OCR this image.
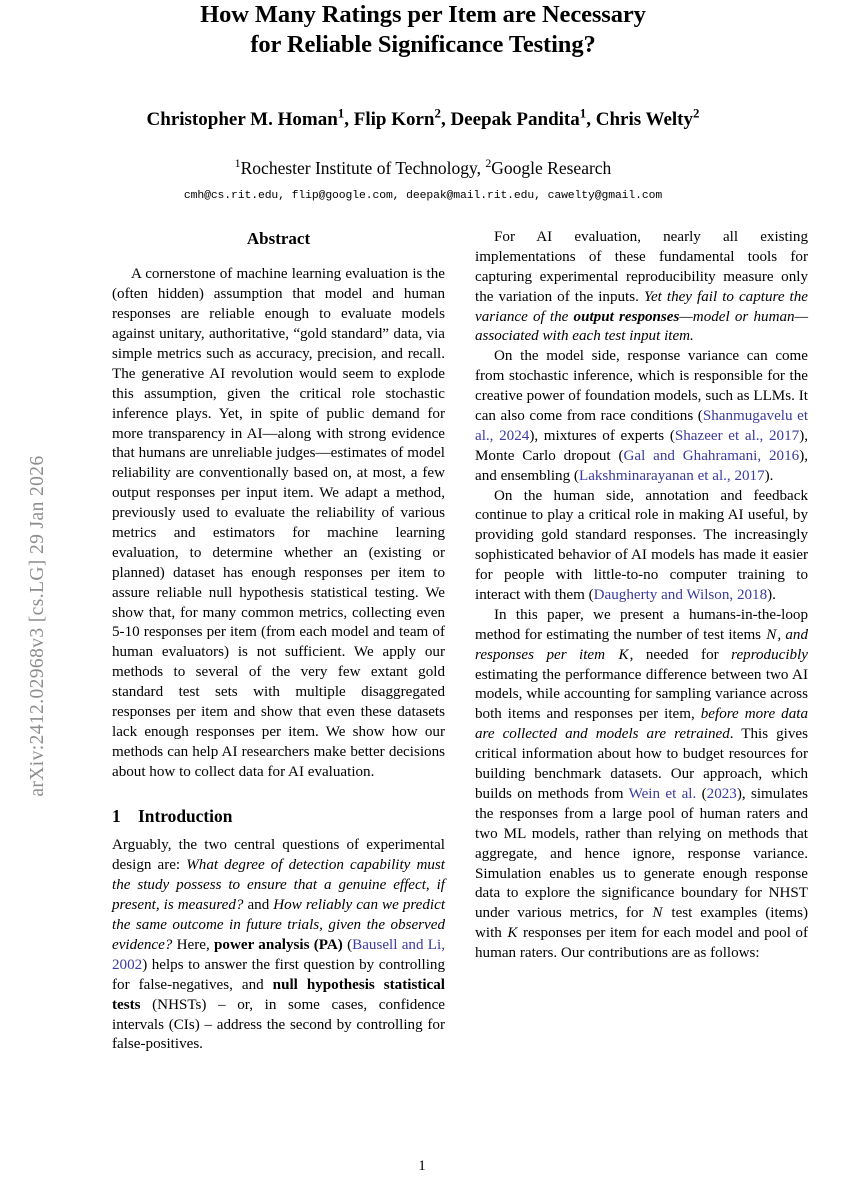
arXiv:2412.02968v3 [cs.LG] 29 Jan 2026
How Many Ratings per Item are Necessary
for Reliable Significance Testing?
Christopher M. Homan$^1$, Flip Korn$^2$, Deepak Pandita$^1$, Chris Welty$^2$
$^1$Rochester Institute of Technology, $^2$Google Research
cmh@cs.rit.edu, flip@google.com, deepak@mail.rit.edu, cawelty@gmail.com
Abstract

A cornerstone of machine learning evaluation is the (often hidden) assumption that model and human responses are reliable enough to evaluate models against unitary, authoritative, “gold standard” data, via simple metrics such as accuracy, precision, and recall. The generative AI revolution would seem to explode this assumption, given the critical role stochastic inference plays. Yet, in spite of public demand for more transparency in AI—along with strong evidence that humans are unreliable judges—estimates of model reliability are conventionally based on, at most, a few output responses per input item. We adapt a method, previously used to evaluate the reliability of various metrics and estimators for machine learning evaluation, to determine whether an (existing or planned) dataset has enough responses per item to assure reliable null hypothesis statistical testing. We show that, for many common metrics, collecting even 5-10 responses per item (from each model and team of human evaluators) is not sufficient. We apply our methods to several of the very few extant gold standard test sets with multiple disaggregated responses per item and show that even these datasets lack enough responses per item. We show how our methods can help AI researchers make better decisions about how to collect data for AI evaluation.

1 Introduction

Arguably, the two central questions of experimental design are: What degree of detection capability must the study possess to ensure that a genuine effect, if present, is measured? and How reliably can we predict the same outcome in future trials, given the observed evidence? Here, power analysis (PA) (Bausell and Li, 2002) helps to answer the first question by controlling for false-negatives, and null hypothesis statistical tests (NHSTs) – or, in some cases, confidence intervals (CIs) – address the second by controlling for false-positives.

For AI evaluation, nearly all existing implementations of these fundamental tools for capturing experimental reproducibility measure only the variation of the inputs. Yet they fail to capture the variance of the output responses—model or human—associated with each test input item.

On the model side, response variance can come from stochastic inference, which is responsible for the creative power of foundation models, such as LLMs. It can also come from race conditions (Shanmugavelu et al., 2024), mixtures of experts (Shazeer et al., 2017), Monte Carlo dropout (Gal and Ghahramani, 2016), and ensembling (Lakshminarayanan et al., 2017).

On the human side, annotation and feedback continue to play a critical role in making AI useful, by providing gold standard responses. The increasingly sophisticated behavior of AI models has made it easier for people with little-to-no computer training to interact with them (Daugherty and Wilson, 2018).

In this paper, we present a humans-in-the-loop method for estimating the number of test items N, and responses per item K, needed for reproducibly estimating the performance difference between two AI models, while accounting for sampling variance across both items and responses per item, before more data are collected and models are retrained. This gives critical information about how to budget resources for building benchmark datasets. Our approach, which builds on methods from Wein et al. (2023), simulates the responses from a large pool of human raters and two ML models, rather than relying on methods that aggregate, and hence ignore, response variance. Simulation enables us to generate enough response data to explore the significance boundary for NHST under various metrics, for N test examples (items) with K responses per item for each model and pool of human raters. Our contributions are as follows:

1
